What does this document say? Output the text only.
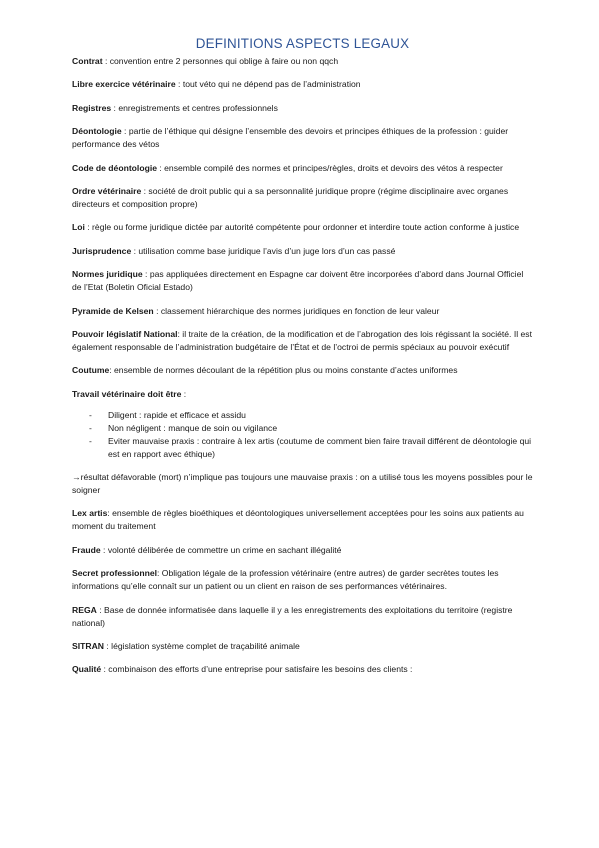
DEFINITIONS ASPECTS LEGAUX

Contrat : convention entre 2 personnes qui oblige à faire ou non qqch

Libre exercice vétérinaire : tout véto qui ne dépend pas de l’administration

Registres : enregistrements et centres professionnels

Déontologie : partie de l’éthique qui désigne l’ensemble des devoirs et principes éthiques de la profession : guider performance des vétos

Code de déontologie : ensemble compilé des normes et principes/règles, droits et devoirs des vétos à respecter

Ordre vétérinaire : société de droit public qui a sa personnalité juridique propre (régime disciplinaire avec organes directeurs et composition propre)

Loi : règle ou forme juridique dictée par autorité compétente pour ordonner et interdire toute action conforme à justice

Jurisprudence : utilisation comme base juridique l’avis d’un juge lors d’un cas passé

Normes juridique : pas appliquées directement en Espagne car doivent être incorporées d’abord dans Journal Officiel de l’Etat (Boletin Oficial Estado)

Pyramide de Kelsen : classement hiérarchique des normes juridiques en fonction de leur valeur

Pouvoir législatif National: il traite de la création, de la modification et de l’abrogation des lois régissant la société. Il est également responsable de l’administration budgétaire de l’État et de l’octroi de permis spéciaux au pouvoir exécutif

Coutume: ensemble de normes découlant de la répétition plus ou moins constante d’actes uniformes

Travail vétérinaire doit être :

- Diligent : rapide et efficace et assidu
- Non négligent : manque de soin ou vigilance
- Eviter mauvaise praxis : contraire à lex artis (coutume de comment bien faire travail différent de déontologie qui est en rapport avec éthique)

→résultat défavorable (mort) n’implique pas toujours une mauvaise praxis : on a utilisé tous les moyens possibles pour le soigner

Lex artis: ensemble de règles bioéthiques et déontologiques universellement acceptées pour les soins aux patients au moment du traitement

Fraude : volonté délibérée de commettre un crime en sachant illégalité

Secret professionnel: Obligation légale de la profession vétérinaire (entre autres) de garder secrètes toutes les informations qu’elle connaît sur un patient ou un client en raison de ses performances vétérinaires.

REGA : Base de donnée informatisée dans laquelle il y a les enregistrements des exploitations du territoire (registre national)

SITRAN : législation système complet de traçabilité animale

Qualité : combinaison des efforts d’une entreprise pour satisfaire les besoins des clients :
